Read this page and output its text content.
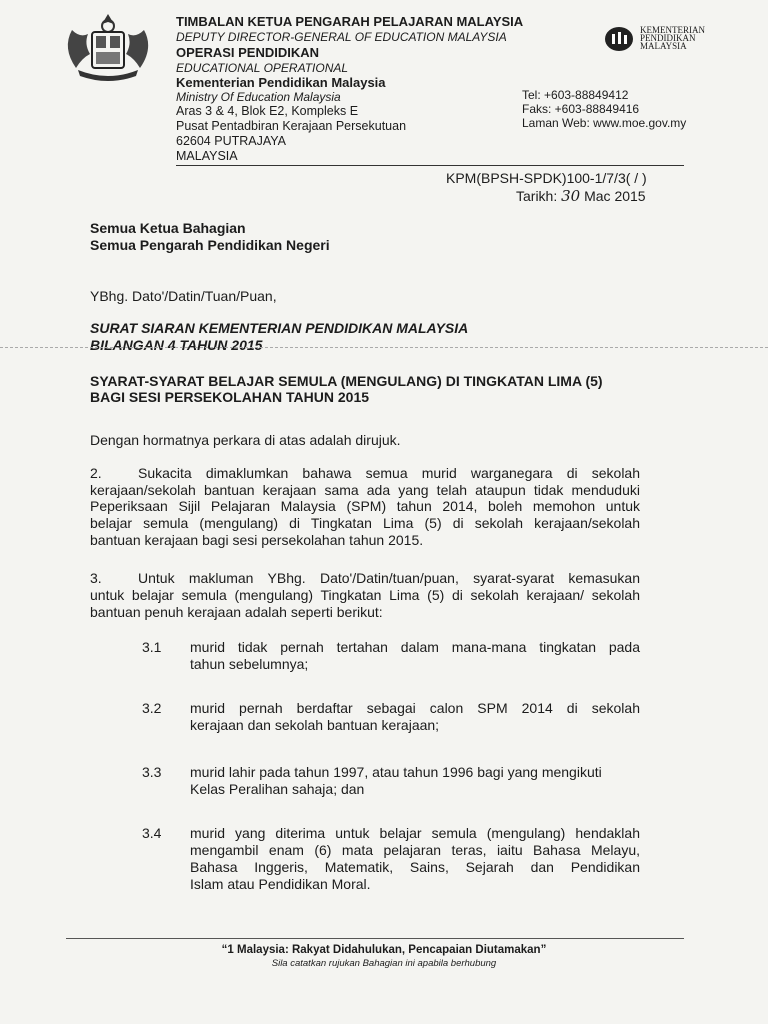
TIMBALAN KETUA PENGARAH PELAJARAN MALAYSIA
DEPUTY DIRECTOR-GENERAL OF EDUCATION MALAYSIA
OPERASI PENDIDIKAN
EDUCATIONAL OPERATIONAL
Kementerian Pendidikan Malaysia
Ministry Of Education Malaysia
Aras 3 & 4, Blok E2, Kompleks E
Pusat Pentadbiran Kerajaan Persekutuan
62604 PUTRAJAYA
MALAYSIA
Tel: +603-88849412
Faks: +603-88849416
Laman Web: www.moe.gov.my
KEMENTERIAN
PENDIDIKAN
MALAYSIA
KPM(BPSH-SPDK)100-1/7/3( / )
Tarikh: 30 Mac 2015
Semua Ketua Bahagian
Semua Pengarah Pendidikan Negeri
YBhg. Dato'/Datin/Tuan/Puan,
SURAT SIARAN KEMENTERIAN PENDIDIKAN MALAYSIA
BILANGAN 4 TAHUN 2015
SYARAT-SYARAT BELAJAR SEMULA (MENGULANG) DI TINGKATAN LIMA (5)
BAGI SESI PERSEKOLAHAN TAHUN 2015
Dengan hormatnya perkara di atas adalah dirujuk.
2.	Sukacita dimaklumkan bahawa semua murid warganegara di sekolah
kerajaan/sekolah bantuan kerajaan sama ada yang telah ataupun tidak menduduki
Peperiksaan Sijil Pelajaran Malaysia (SPM) tahun 2014, boleh memohon untuk
belajar semula (mengulang) di Tingkatan Lima (5) di sekolah kerajaan/sekolah
bantuan kerajaan bagi sesi persekolahan tahun 2015.
3.	Untuk makluman YBhg. Dato'/Datin/tuan/puan, syarat-syarat kemasukan
untuk belajar semula (mengulang) Tingkatan Lima (5) di sekolah kerajaan/ sekolah
bantuan penuh kerajaan adalah seperti berikut:
3.1 murid tidak pernah tertahan dalam mana-mana tingkatan pada
tahun sebelumnya;
3.2 murid pernah berdaftar sebagai calon SPM 2014 di sekolah
kerajaan dan sekolah bantuan kerajaan;
3.3 murid lahir pada tahun 1997, atau tahun 1996 bagi yang mengikuti
Kelas Peralihan sahaja; dan
3.4 murid yang diterima untuk belajar semula (mengulang) hendaklah
mengambil enam (6) mata pelajaran teras, iaitu Bahasa Melayu,
Bahasa Inggeris, Matematik, Sains, Sejarah dan Pendidikan
Islam atau Pendidikan Moral.
“1 Malaysia: Rakyat Didahulukan, Pencapaian Diutamakan”
Sila catatkan rujukan Bahagian ini apabila berhubung
